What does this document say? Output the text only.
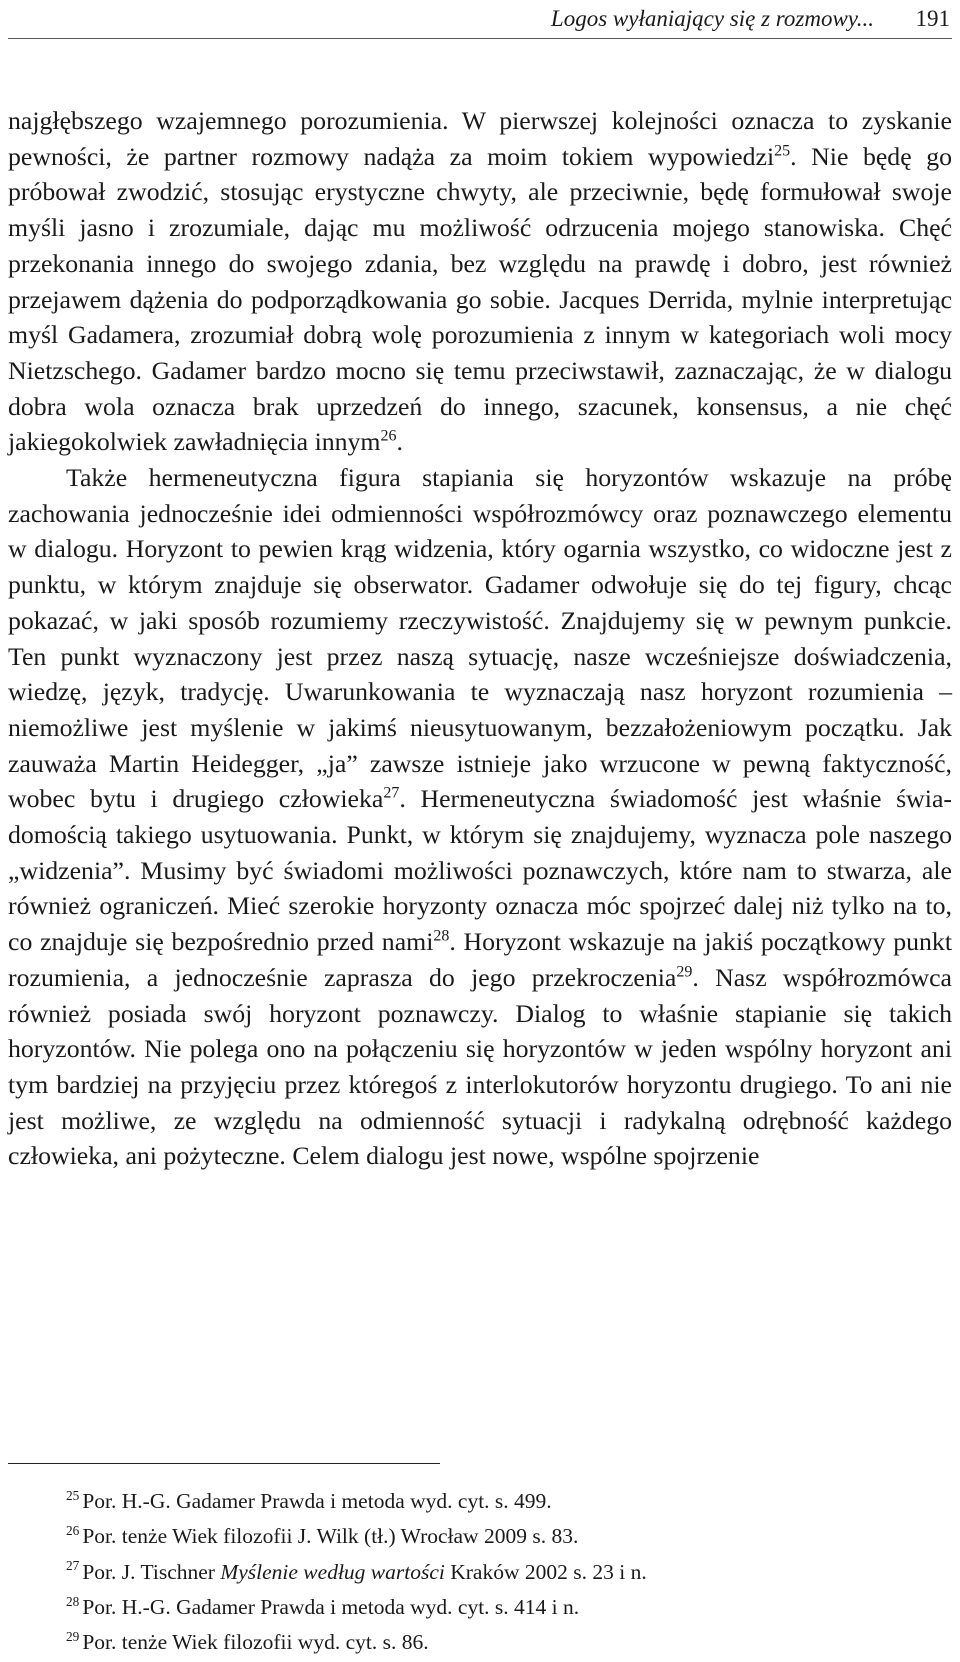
Logos wyłaniający się z rozmowy... 191

najgłębszego wzajemnego porozumienia. W pierwszej kolejności oznacza to zyskanie pewności, że partner rozmowy nadąża za moim tokiem wypowiedzi$^{25}$. Nie będę go próbował zwodzić, stosując erystyczne chwyty, ale przeciwnie, będę formułował swoje myśli jasno i zrozumiale, dając mu możliwość odrzucenia mojego stanowiska. Chęć przekonania innego do swojego zdania, bez względu na prawdę i dobro, jest również przejawem dążenia do podporządkowania go sobie. Jacques Derrida, mylnie interpretując myśl Gadamera, zrozumiał dobrą wolę porozumienia z innym w kategoriach woli mocy Nietzschego. Gadamer bardzo mocno się temu przeciwstawił, zaznaczając, że w dialogu dobra wola oznacza brak uprzedzeń do innego, szacunek, konsensus, a nie chęć jakiegokolwiek zawładnięcia innym$^{26}$.

Także hermeneutyczna figura stapiania się horyzontów wskazuje na próbę zachowania jednocześnie idei odmienności współrozmówcy oraz poznawczego elementu w dialogu. Horyzont to pewien krąg widzenia, który ogarnia wszystko, co widoczne jest z punktu, w którym znajduje się obserwator. Gadamer odwołuje się do tej figury, chcąc pokazać, w jaki sposób rozumiemy rzeczywistość. Znajdujemy się w pewnym punkcie. Ten punkt wyznaczony jest przez naszą sytuację, nasze wcześniejsze doświadczenia, wiedzę, język, tradycję. Uwarunkowania te wyznaczają nasz horyzont rozumienia – niemożliwe jest myślenie w jakimś nieusytuowanym, bezzałożeniowym początku. Jak zauważa Martin Heidegger, „ja” zawsze istnieje jako wrzucone w pewną faktyczność, wobec bytu i drugiego człowieka$^{27}$. Hermeneutyczna świadomość jest właśnie świadomością takiego usytuowania. Punkt, w którym się znajdujemy, wyznacza pole naszego „widzenia”. Musimy być świadomi możliwości poznawczych, które nam to stwarza, ale również ograniczeń. Mieć szerokie horyzonty oznacza móc spojrzeć dalej niż tylko na to, co znajduje się bezpośrednio przed nami$^{28}$. Horyzont wskazuje na jakiś początkowy punkt rozumienia, a jednocześnie zaprasza do jego przekroczenia$^{29}$. Nasz współrozmówca również posiada swój horyzont poznawczy. Dialog to właśnie stapianie się takich horyzontów. Nie polega ono na połączeniu się horyzontów w jeden wspólny horyzont ani tym bardziej na przyjęciu przez któregoś z interlokutorów horyzontu drugiego. To ani nie jest możliwe, ze względu na odmienność sytuacji i radykalną odrębność każdego człowieka, ani pożyteczne. Celem dialogu jest nowe, wspólne spojrzenie

$^{25}$ Por. H.-G. Gadamer Prawda i metoda wyd. cyt. s. 499.
$^{26}$ Por. tenże Wiek filozofii J. Wilk (tł.) Wrocław 2009 s. 83.
$^{27}$ Por. J. Tischner Myślenie według wartości Kraków 2002 s. 23 i n.
$^{28}$ Por. H.-G. Gadamer Prawda i metoda wyd. cyt. s. 414 i n.
$^{29}$ Por. tenże Wiek filozofii wyd. cyt. s. 86.
